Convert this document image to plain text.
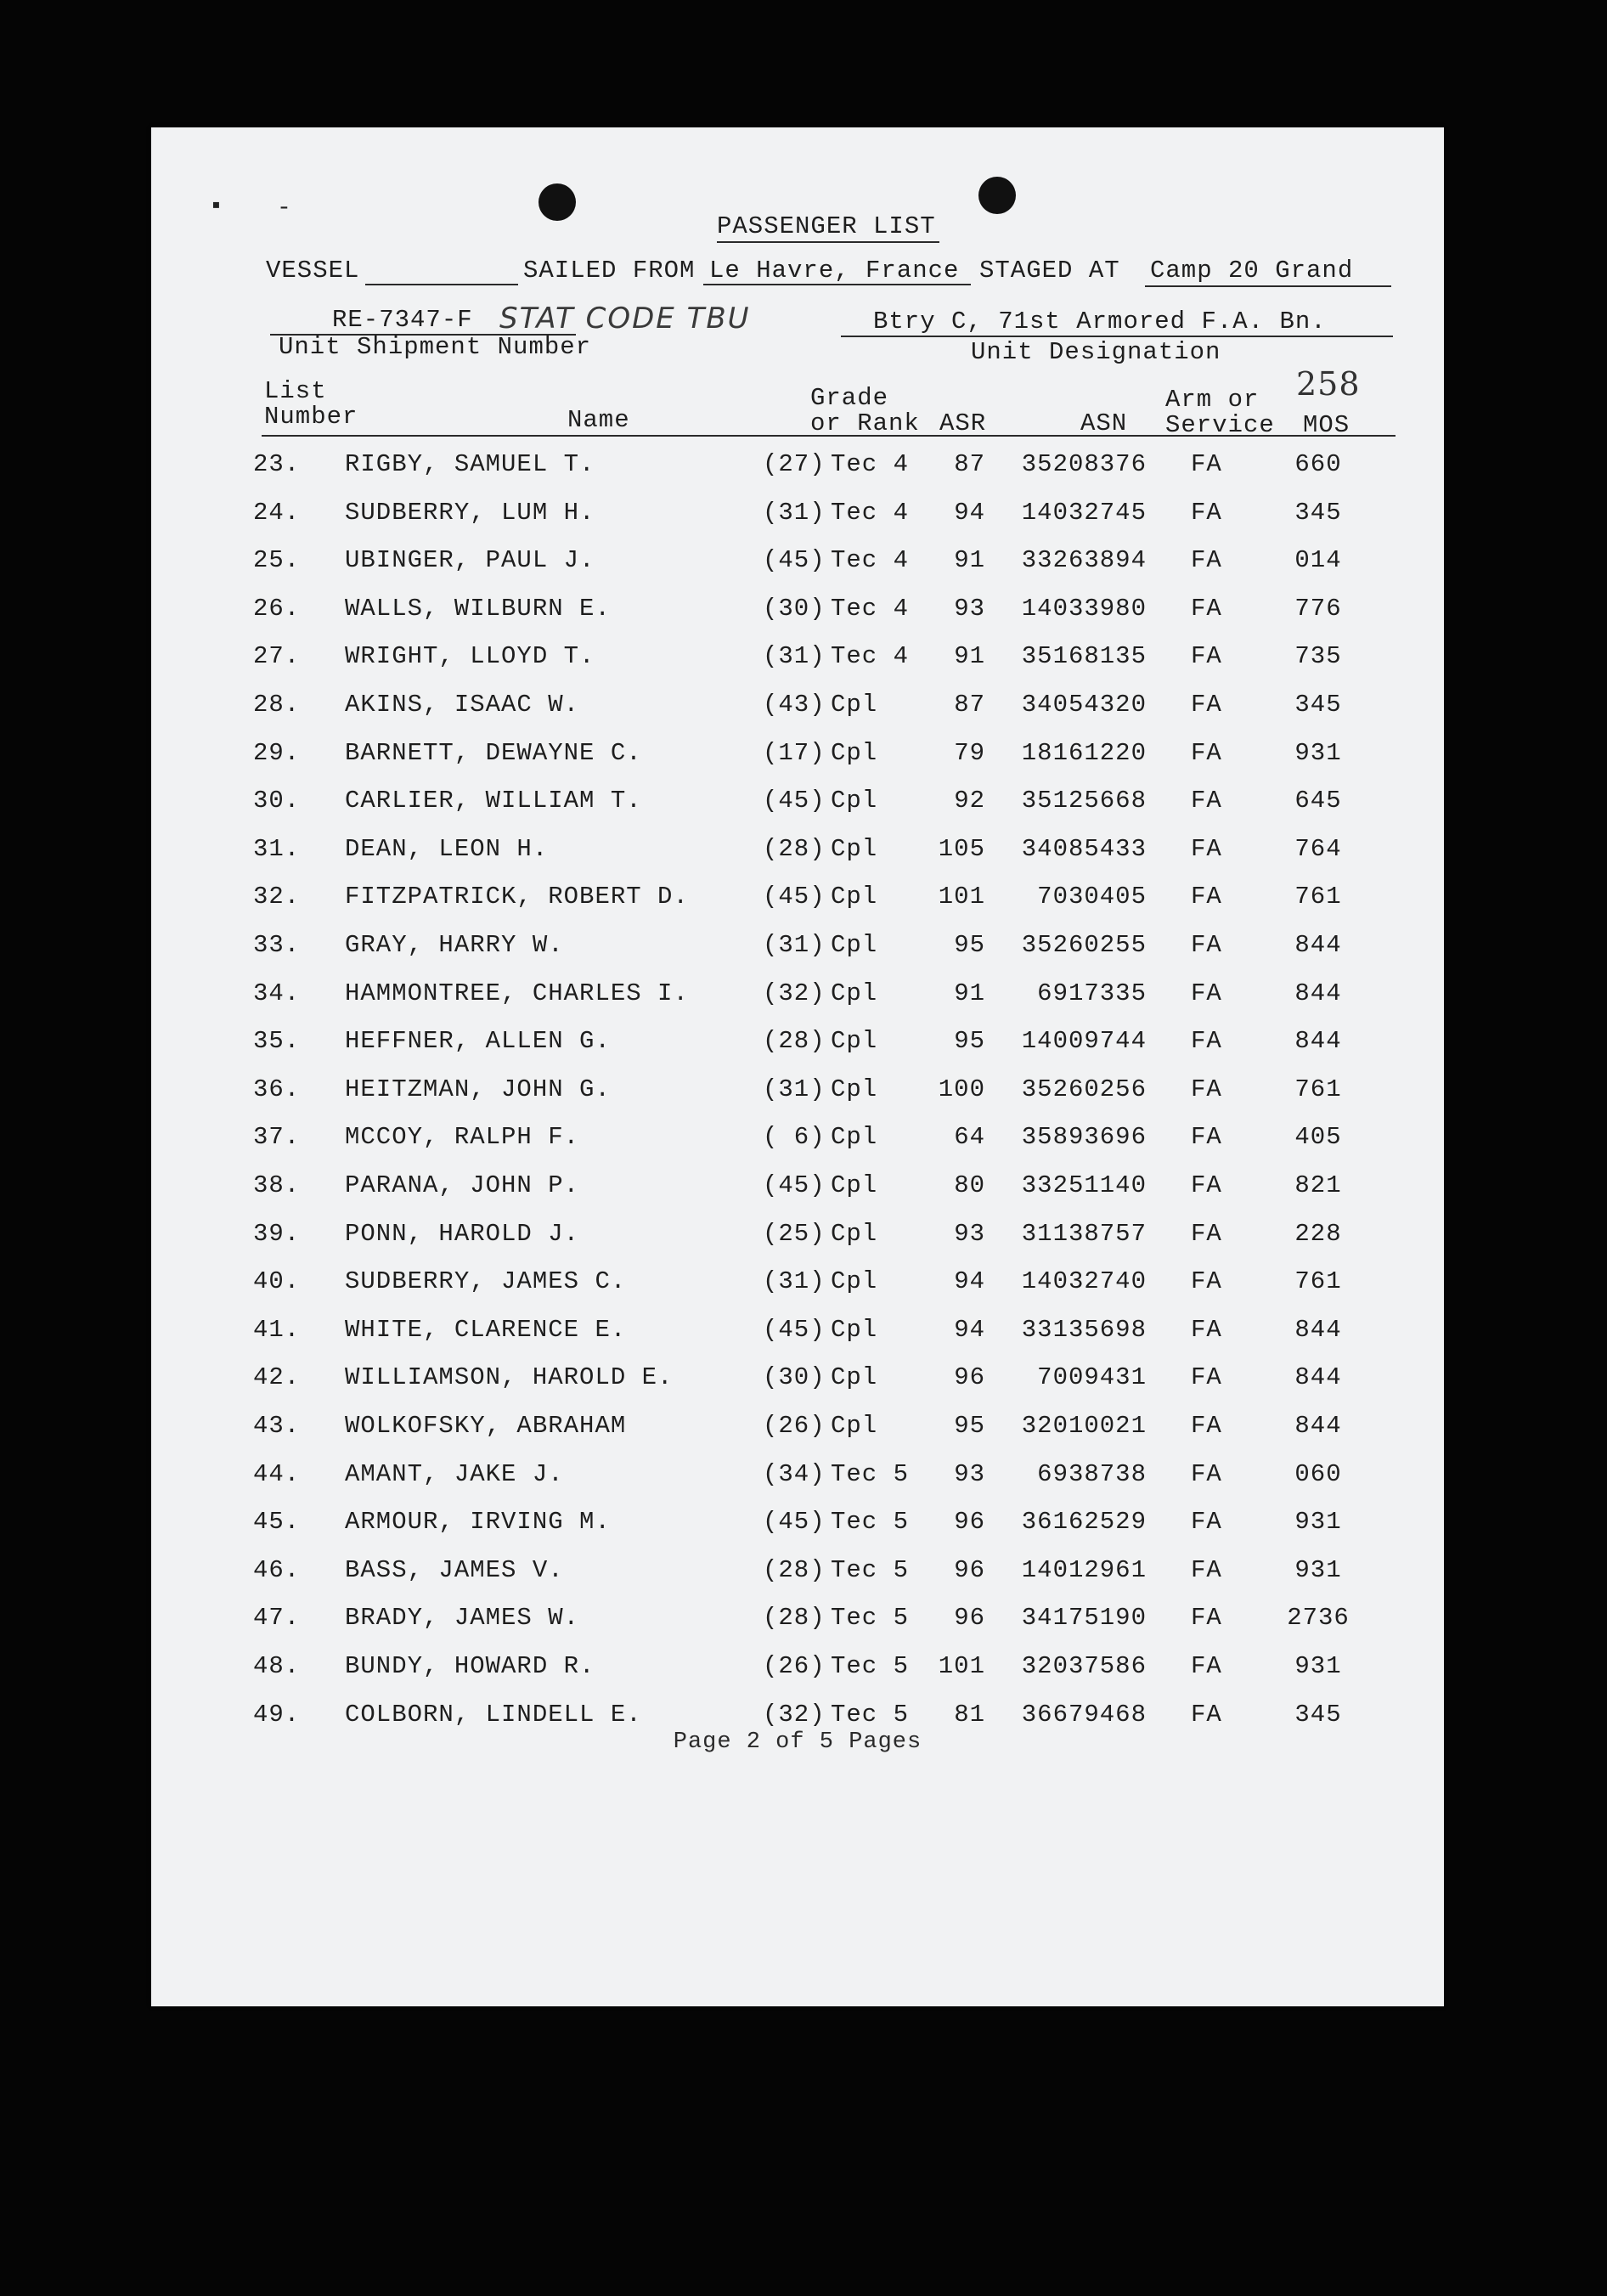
▪ -
PASSENGER LIST
VESSEL	SAILED FROM Le Havre, France STAGED AT Camp 20 Grand
RE-7347-F STAT CODE TBU
Unit Shipment Number
Btry C, 71st Armored F.A. Bn.
Unit Designation
List
Number	Name
Grade
or Rank ASR	ASN
Arm or
Service
258
MOS
23.	RIGBY, SAMUEL T.	(27) Tec 4	87	35208376 FA	660
24.	SUDBERRY, LUM H.	(31) Tec 4	94	14032745 FA	345
25.	UBINGER, PAUL J.	(45) Tec 4	91	33263894 FA	014
26.	WALLS, WILBURN E.	(30) Tec 4	93	14033980 FA	776
27.	WRIGHT, LLOYD T.	(31) Tec 4	91	35168135 FA	735
28.	AKINS, ISAAC W.	(43) Cpl	87	34054320 FA	345
29.	BARNETT, DEWAYNE C.	(17) Cpl	79	18161220 FA	931
30.	CARLIER, WILLIAM T.	(45) Cpl	92	35125668 FA	645
31.	DEAN, LEON H.	(28) Cpl	105	34085433 FA	764
32.	FITZPATRICK, ROBERT D.	(45) Cpl	101	7030405 FA	761
33.	GRAY, HARRY W.	(31) Cpl	95	35260255 FA	844
34.	HAMMONTREE, CHARLES I.	(32) Cpl	91	6917335 FA	844
35.	HEFFNER, ALLEN G.	(28) Cpl	95	14009744 FA	844
36.	HEITZMAN, JOHN G.	(31) Cpl	100	35260256 FA	761
37.	MCCOY, RALPH F.	( 6) Cpl	64	35893696 FA	405
38.	PARANA, JOHN P.	(45) Cpl	80	33251140 FA	821
39.	PONN, HAROLD J.	(25) Cpl	93	31138757 FA	228
40.	SUDBERRY, JAMES C.	(31) Cpl	94	14032740 FA	761
41.	WHITE, CLARENCE E.	(45) Cpl	94	33135698 FA	844
42.	WILLIAMSON, HAROLD E.	(30) Cpl	96	7009431 FA	844
43.	WOLKOFSKY, ABRAHAM	(26) Cpl	95	32010021 FA	844
44.	AMANT, JAKE J.	(34) Tec 5	93	6938738 FA	060
45.	ARMOUR, IRVING M.	(45) Tec 5	96	36162529 FA	931
46.	BASS, JAMES V.	(28) Tec 5	96	14012961 FA	931
47.	BRADY, JAMES W.	(28) Tec 5	96	34175190 FA	2736
48.	BUNDY, HOWARD R.	(26) Tec 5	101	32037586 FA	931
49.	COLBORN, LINDELL E.	(32) Tec 5	81	36679468 FA	345
Page 2 of 5 Pages
